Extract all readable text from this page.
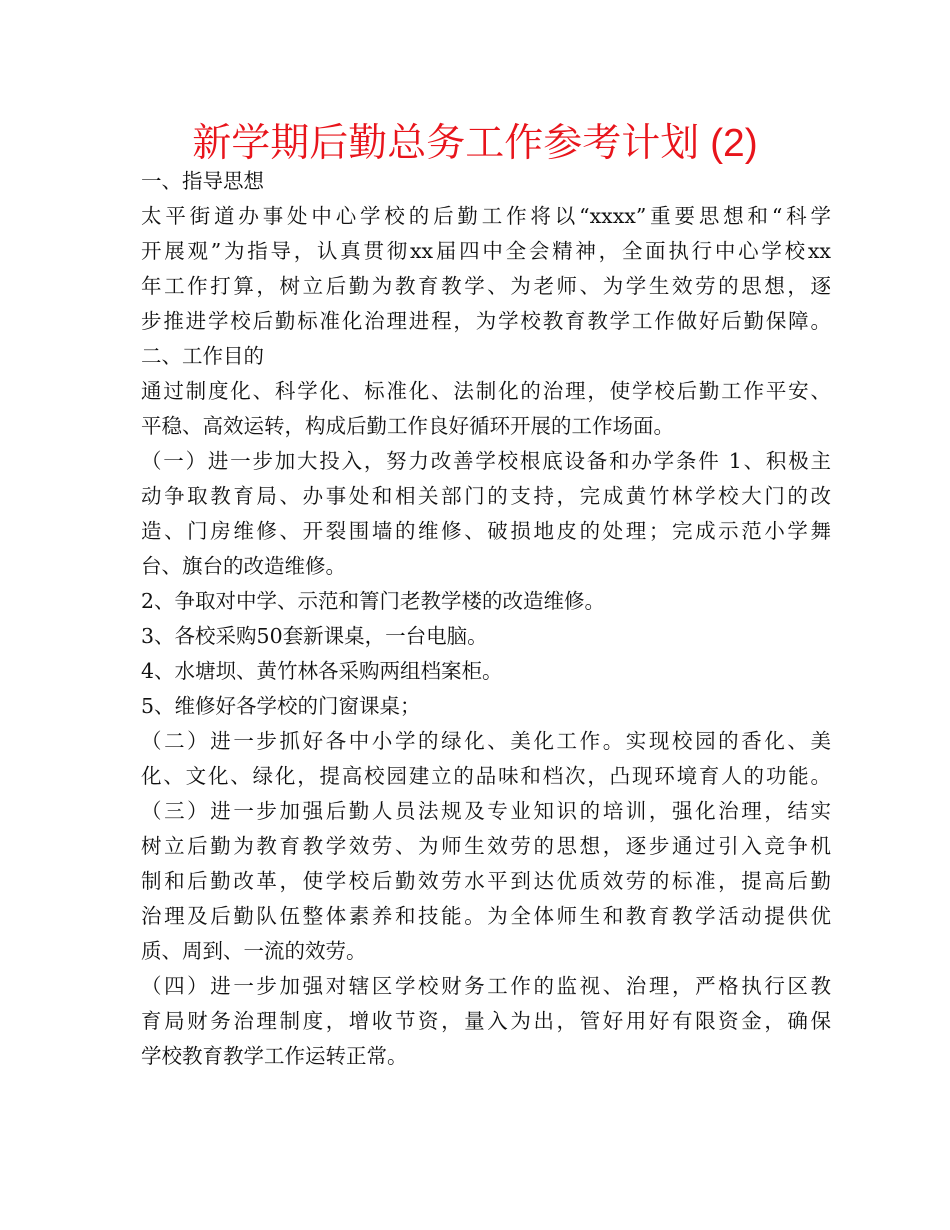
新学期后勤总务工作参考计划 (2)
一、指导思想
太平街道办事处中心学校的后勤工作将以“xxxx”重要思想和“科学
开展观”为指导，认真贯彻xx届四中全会精神，全面执行中心学校xx
年工作打算，树立后勤为教育教学、为老师、为学生效劳的思想，逐
步推进学校后勤标准化治理进程，为学校教育教学工作做好后勤保障。
二、工作目的
通过制度化、科学化、标准化、法制化的治理，使学校后勤工作平安、
平稳、高效运转，构成后勤工作良好循环开展的工作场面。
（一）进一步加大投入，努力改善学校根底设备和办学条件 1、积极主
动争取教育局、办事处和相关部门的支持，完成黄竹林学校大门的改
造、门房维修、开裂围墙的维修、破损地皮的处理；完成示范小学舞
台、旗台的改造维修。
2、争取对中学、示范和箐门老教学楼的改造维修。
3、各校采购50套新课桌，一台电脑。
4、水塘坝、黄竹林各采购两组档案柜。
5、维修好各学校的门窗课桌；
（二）进一步抓好各中小学的绿化、美化工作。实现校园的香化、美
化、文化、绿化，提高校园建立的品味和档次，凸现环境育人的功能。
（三）进一步加强后勤人员法规及专业知识的培训，强化治理，结实
树立后勤为教育教学效劳、为师生效劳的思想，逐步通过引入竞争机
制和后勤改革，使学校后勤效劳水平到达优质效劳的标准，提高后勤
治理及后勤队伍整体素养和技能。为全体师生和教育教学活动提供优
质、周到、一流的效劳。
（四）进一步加强对辖区学校财务工作的监视、治理，严格执行区教
育局财务治理制度，增收节资，量入为出，管好用好有限资金，确保
学校教育教学工作运转正常。
